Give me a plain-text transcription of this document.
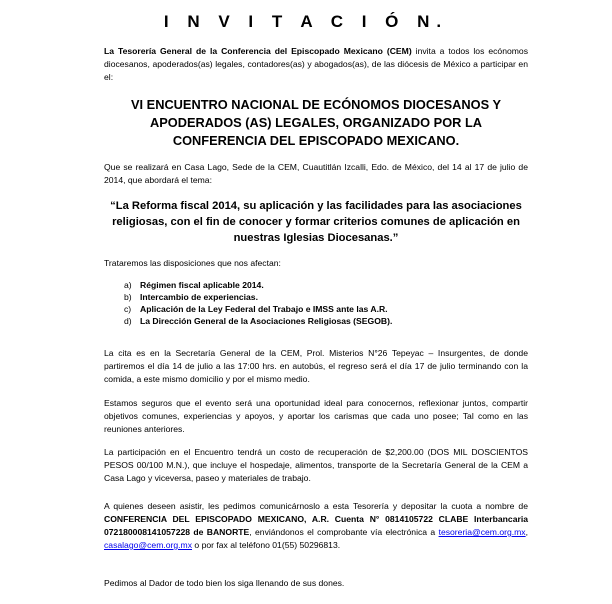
I N V I T A C I Ó N.

La Tesorería General de la Conferencia del Episcopado Mexicano (CEM) invita a todos los ecónomos diocesanos, apoderados(as) legales, contadores(as) y abogados(as), de las diócesis de México a participar en el:

VI ENCUENTRO NACIONAL DE ECÓNOMOS DIOCESANOS Y APODERADOS (AS) LEGALES, ORGANIZADO POR LA CONFERENCIA DEL EPISCOPADO MEXICANO.

Que se realizará en Casa Lago, Sede de la CEM, Cuautitlán Izcalli, Edo. de México, del 14 al 17 de julio de 2014, que abordará el tema:

“La Reforma fiscal 2014, su aplicación y las facilidades para las asociaciones religiosas, con el fin de conocer y formar criterios comunes de aplicación en nuestras Iglesias Diocesanas.”

Trataremos las disposiciones que nos afectan:

a) Régimen fiscal aplicable 2014.
b) Intercambio de experiencias.
c)	Aplicación de la Ley Federal del Trabajo e IMSS ante las A.R.
d) La Dirección General de la Asociaciones Religiosas (SEGOB).

La cita es en la Secretaría General de la CEM, Prol. Misterios N°26 Tepeyac – Insurgentes, de donde partiremos el día 14 de julio a las 17:00 hrs. en autobús, el regreso será el día 17 de julio terminando con la comida, a este mismo domicilio y por el mismo medio.

Estamos seguros que el evento será una oportunidad ideal para conocernos, reflexionar juntos, compartir objetivos comunes, experiencias y apoyos, y aportar los carismas que cada uno posee; Tal como en las reuniones anteriores.

La participación en el Encuentro tendrá un costo de recuperación de $2,200.00 (DOS MIL DOSCIENTOS PESOS 00/100 M.N.), que incluye el hospedaje, alimentos, transporte de la Secretaría General de la CEM a Casa Lago y viceversa, paseo y materiales de trabajo.

A quienes deseen asistir, les pedimos comunicárnoslo a esta Tesorería y depositar la cuota a nombre de CONFERENCIA DEL EPISCOPADO MEXICANO, A.R. Cuenta N° 0814105722 CLABE Interbancaria 072180008141057228 de BANORTE, enviándonos el comprobante vía electrónica a tesoreria@cem.org.mx, casalago@cem.org.mx o por fax al teléfono 01(55) 50296813.

Pedimos al Dador de todo bien los siga llenando de sus dones.
